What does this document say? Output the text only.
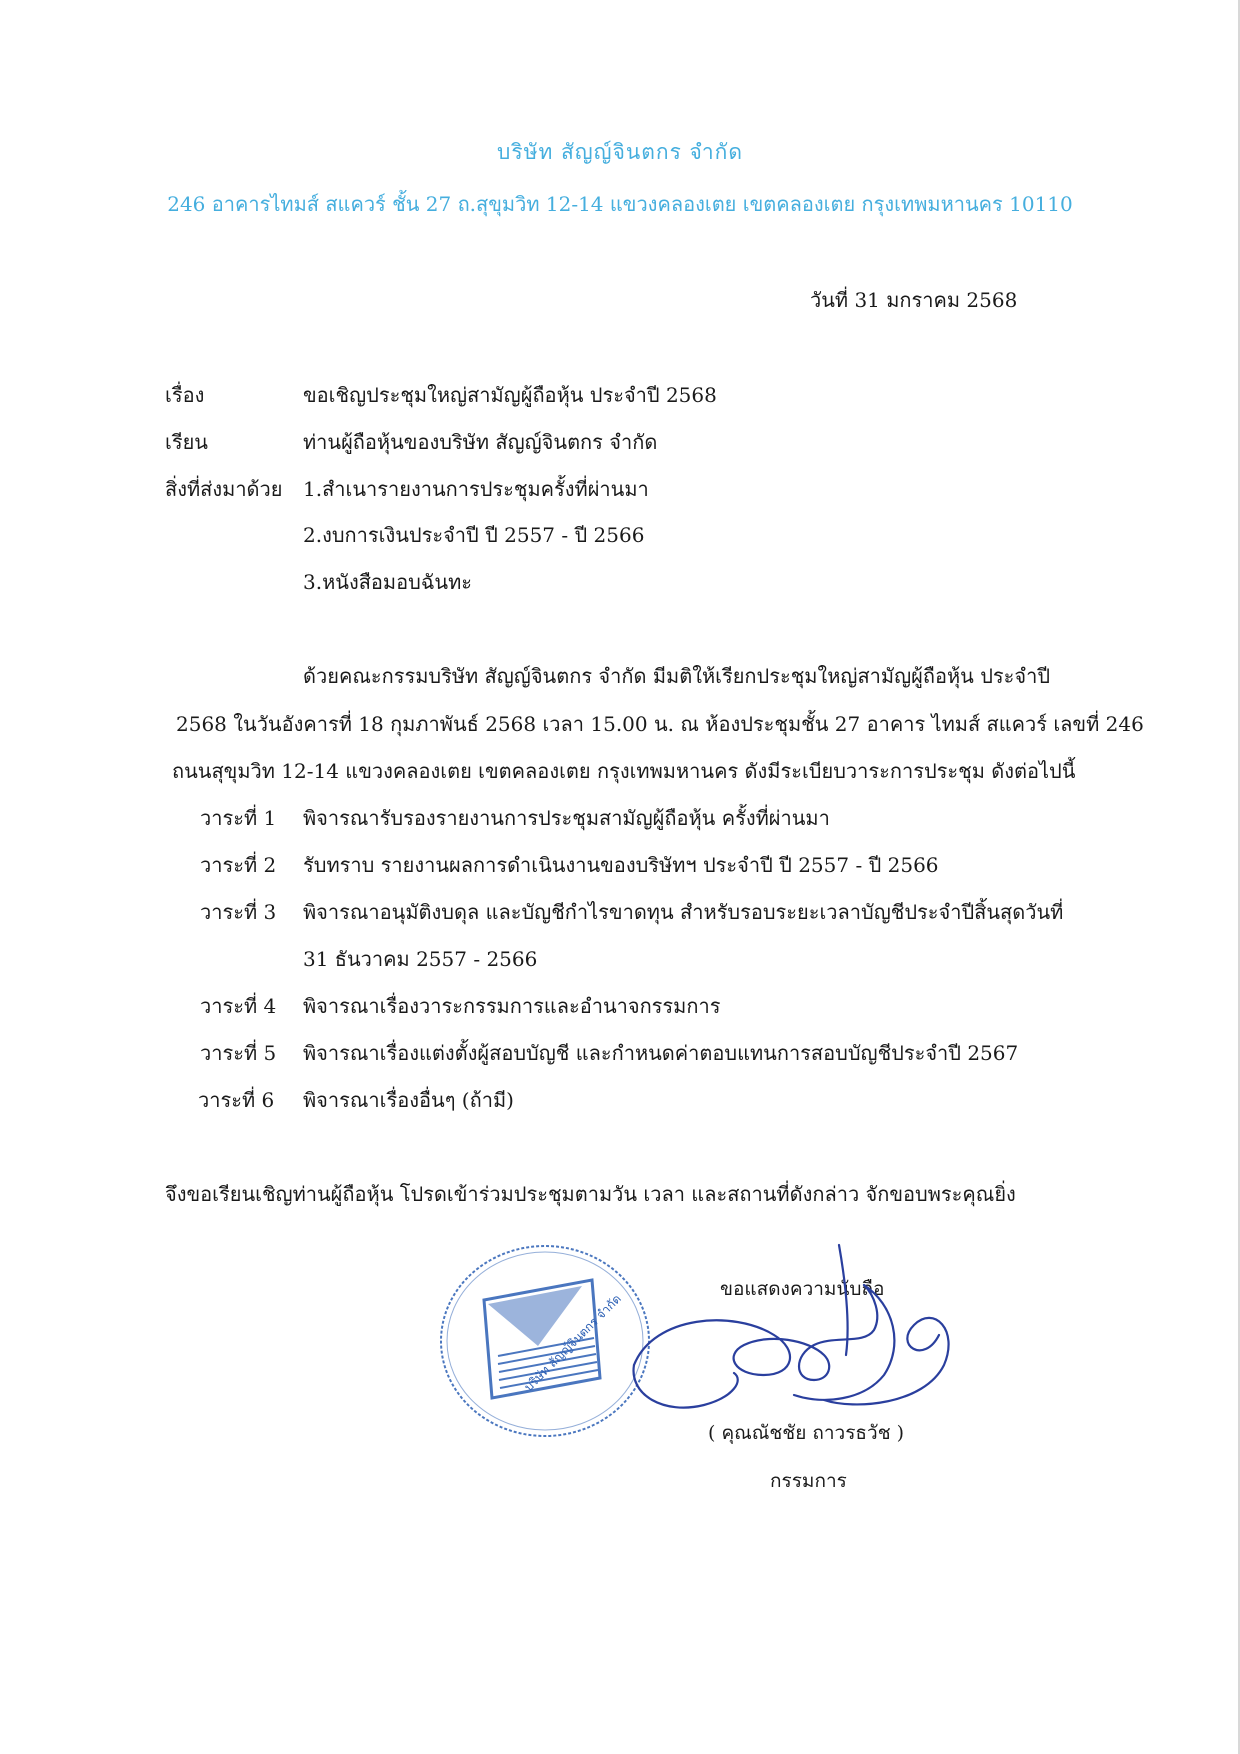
บริษัท สัญญ์จินตกร จำกัด
246 อาคารไทมส์ สแควร์ ชั้น 27 ถ.สุขุมวิท 12-14 แขวงคลองเตย เขตคลองเตย กรุงเทพมหานคร 10110
วันที่ 31 มกราคม 2568
เรื่อง	ขอเชิญประชุมใหญ่สามัญผู้ถือหุ้น ประจำปี 2568
เรียน	ท่านผู้ถือหุ้นของบริษัท สัญญ์จินตกร จำกัด
สิ่งที่ส่งมาด้วย 1.สำเนารายงานการประชุมครั้งที่ผ่านมา
2.งบการเงินประจำปี ปี 2557 - ปี 2566
3.หนังสือมอบฉันทะ
ด้วยคณะกรรมบริษัท สัญญ์จินตกร จำกัด มีมติให้เรียกประชุมใหญ่สามัญผู้ถือหุ้น ประจำปี
2568 ในวันอังคารที่ 18 กุมภาพันธ์ 2568 เวลา 15.00 น. ณ ห้องประชุมชั้น 27 อาคาร ไทมส์ สแควร์ เลขที่ 246
ถนนสุขุมวิท 12-14 แขวงคลองเตย เขตคลองเตย กรุงเทพมหานคร ดังมีระเบียบวาระการประชุม ดังต่อไปนี้
วาระที่ 1 พิจารณารับรองรายงานการประชุมสามัญผู้ถือหุ้น ครั้งที่ผ่านมา
วาระที่ 2 รับทราบ รายงานผลการดำเนินงานของบริษัทฯ ประจำปี ปี 2557 - ปี 2566
วาระที่ 3 พิจารณาอนุมัติงบดุล และบัญชีกำไรขาดทุน สำหรับรอบระยะเวลาบัญชีประจำปีสิ้นสุดวันที่
31 ธันวาคม 2557 - 2566
วาระที่ 4 พิจารณาเรื่องวาระกรรมการและอำนาจกรรมการ
วาระที่ 5 พิจารณาเรื่องแต่งตั้งผู้สอบบัญชี และกำหนดค่าตอบแทนการสอบบัญชีประจำปี 2567
วาระที่ 6 พิจารณาเรื่องอื่นๆ (ถ้ามี)
จึงขอเรียนเชิญท่านผู้ถือหุ้น โปรดเข้าร่วมประชุมตามวัน เวลา และสถานที่ดังกล่าว จักขอบพระคุณยิ่ง
บริษัท สัญญ์จินตกร จำกัด
ขอแสดงความนับถือ
( คุณณัชชัย ถาวรธวัช )
กรรมการ
